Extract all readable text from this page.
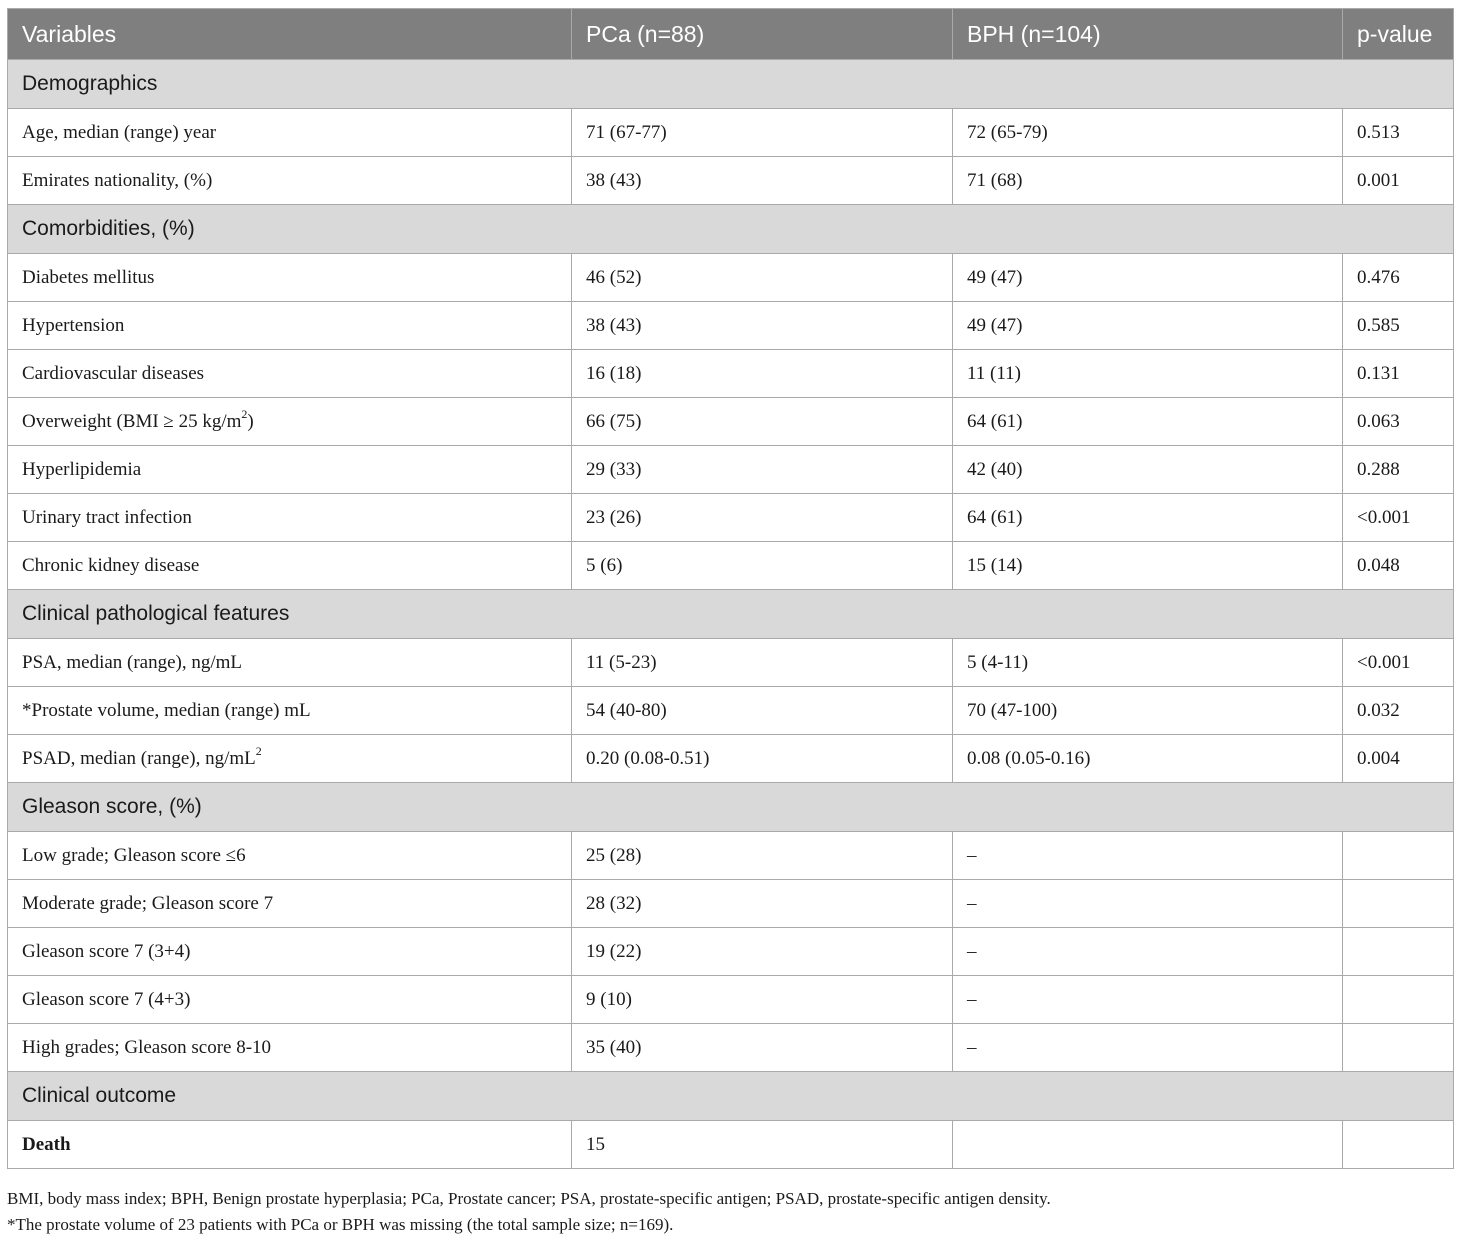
Variables	PCa (n=88)	BPH (n=104)	p-value
Demographics			
Age, median (range) year	71 (67-77)	72 (65-79)	0.513
Emirates nationality, (%)	38 (43)	71 (68)	0.001
Comorbidities, (%)			
Diabetes mellitus	46 (52)	49 (47)	0.476
Hypertension	38 (43)	49 (47)	0.585
Cardiovascular diseases	16 (18)	11 (11)	0.131
Overweight (BMI ≥ 25 $kg/m^2$)	66 (75)	64 (61)	0.063
Hyperlipidemia	29 (33)	42 (40)	0.288
Urinary tract infection	23 (26)	64 (61)	<0.001
Chronic kidney disease	5 (6)	15 (14)	0.048
Clinical pathological features			
PSA, median (range), ng/mL	11 (5-23)	5 (4-11)	<0.001
*Prostate volume, median (range) mL	54 (40-80)	70 (47-100)	0.032
PSAD, median (range), $ng/mL^2$	0.20 (0.08-0.51)	0.08 (0.05-0.16)	0.004
Gleason score, (%)			
Low grade; Gleason score ≤6	25 (28)	–	
Moderate grade; Gleason score 7	28 (32)	–	
Gleason score 7 (3+4)	19 (22)	–	
Gleason score 7 (4+3)	9 (10)	–	
High grades; Gleason score 8-10	35 (40)	–	
Clinical outcome			
Death	15		

BMI, body mass index; BPH, Benign prostate hyperplasia; PCa, Prostate cancer; PSA, prostate-specific antigen; PSAD, prostate-specific antigen density.

*The prostate volume of 23 patients with PCa or BPH was missing (the total sample size; n=169).
